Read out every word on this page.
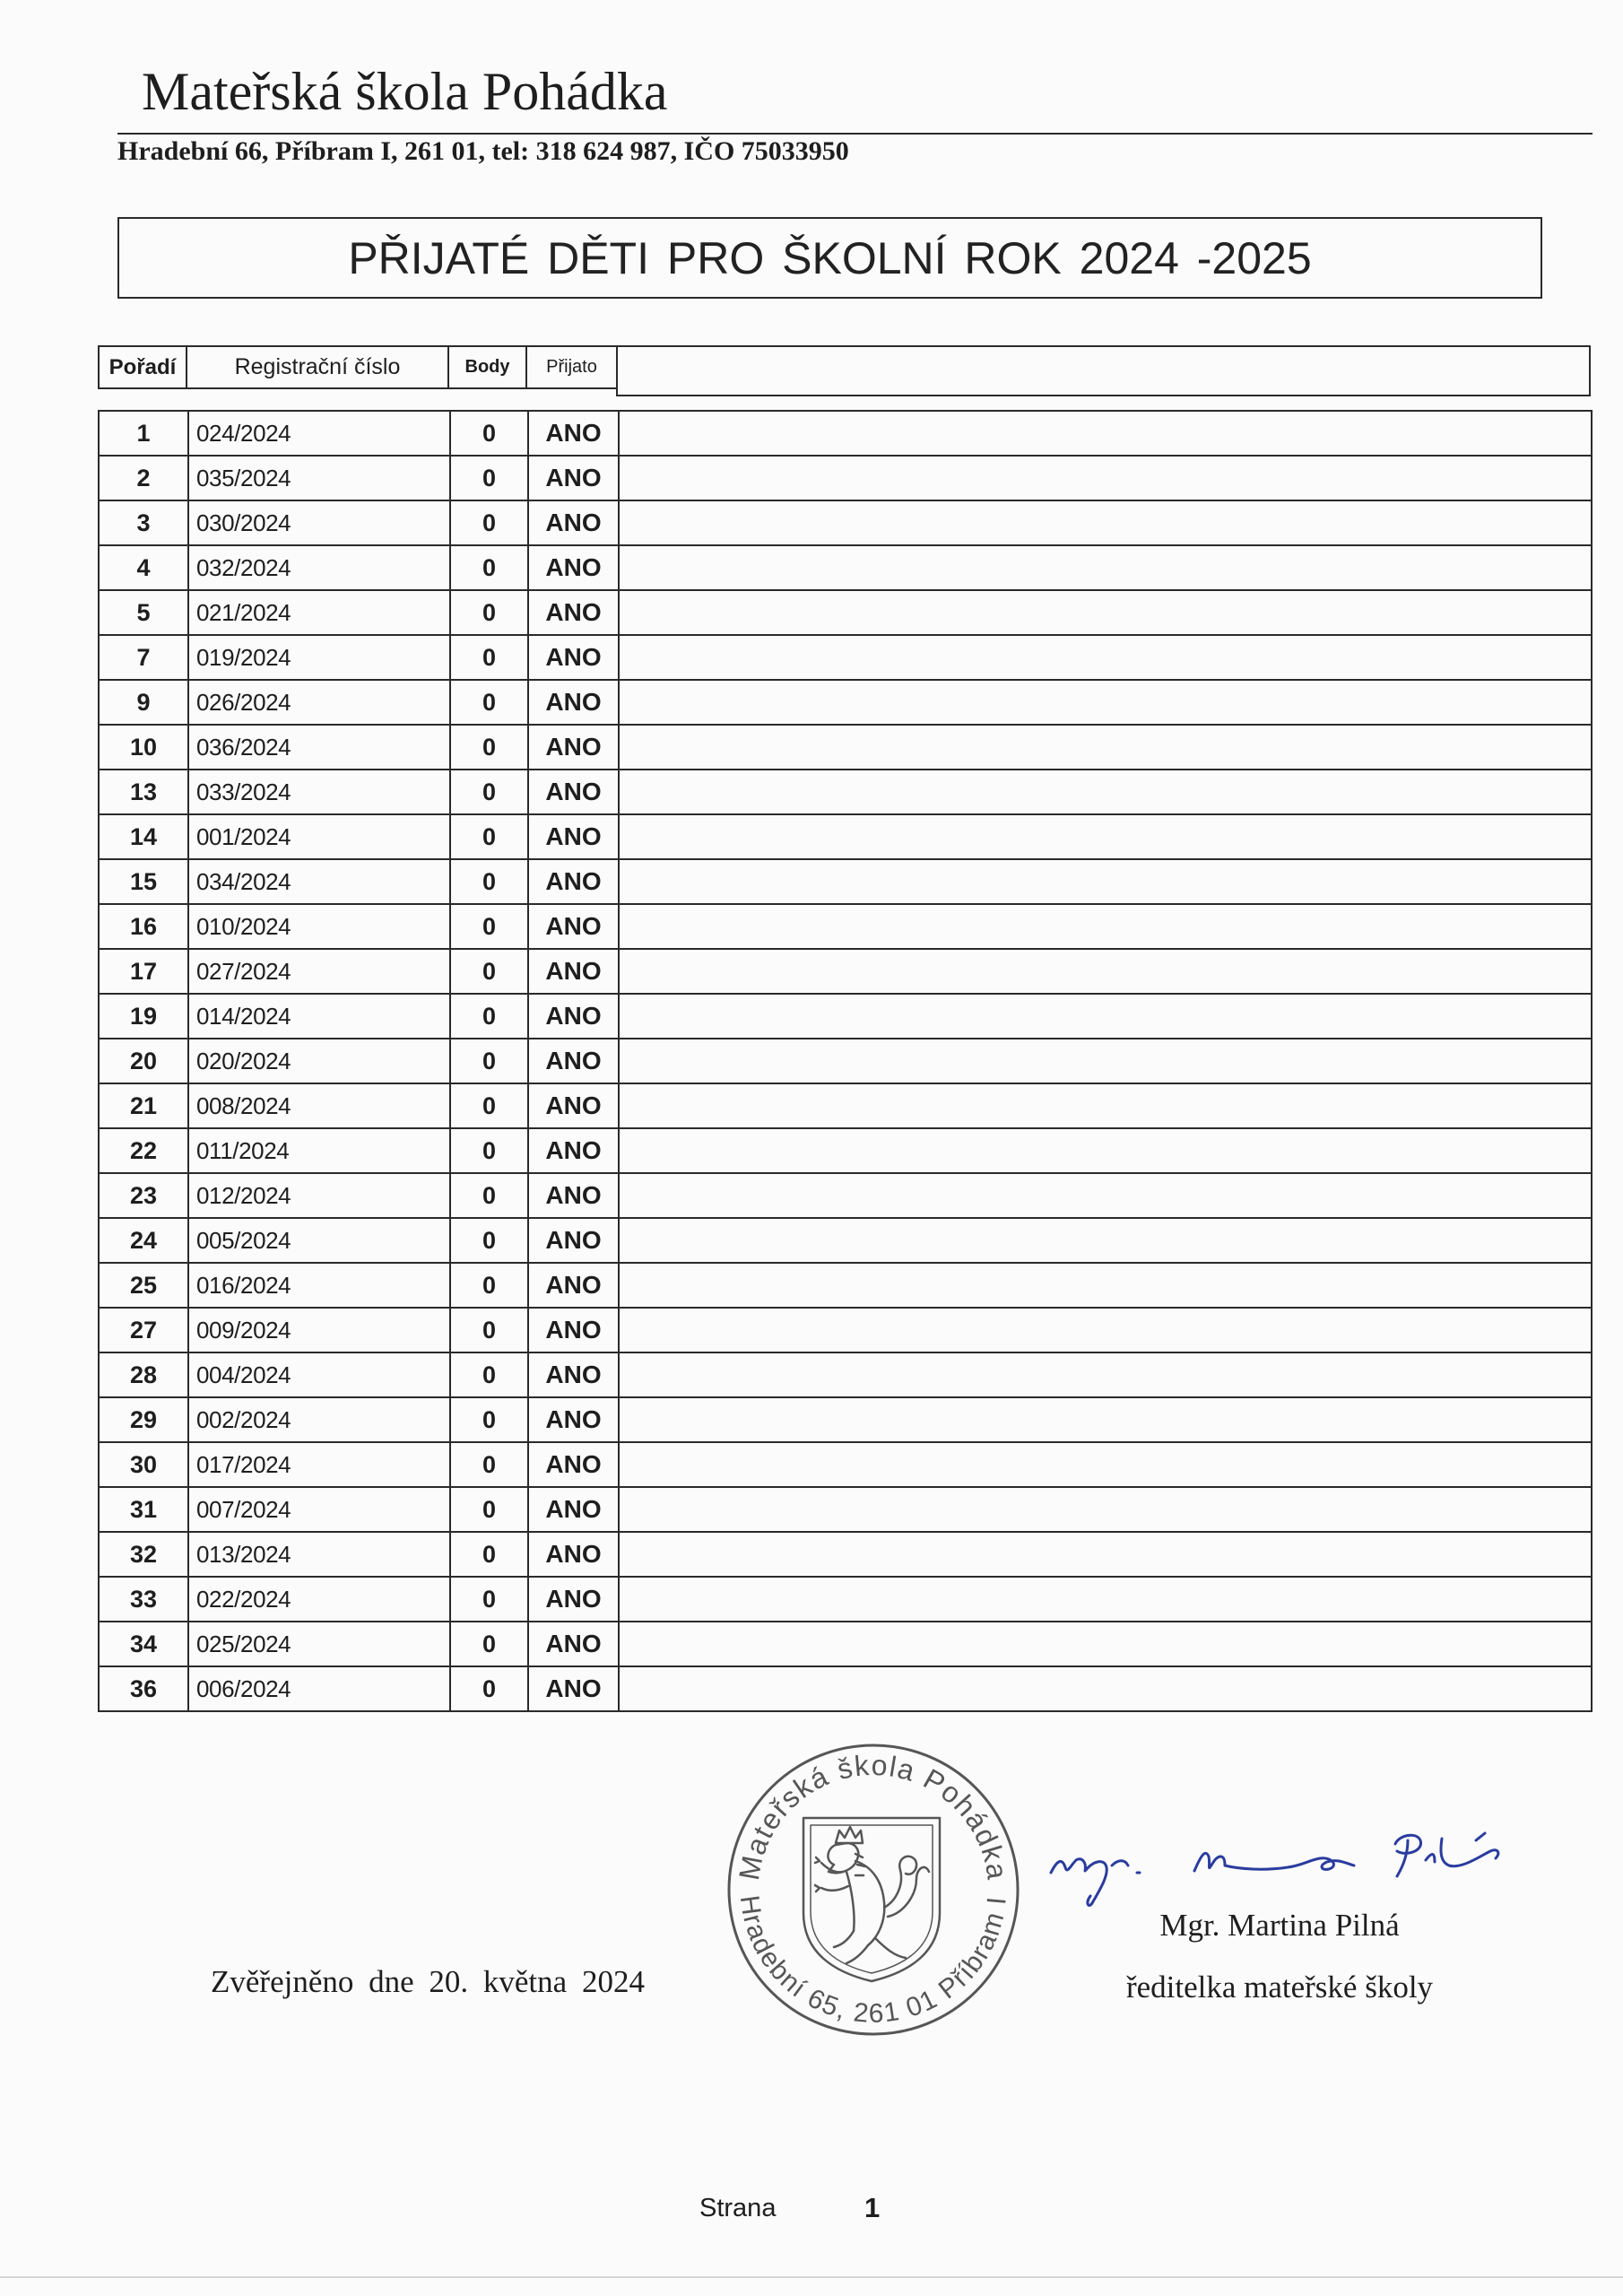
Mateřská škola Pohádka
Hradební 66, Příbram I, 261 01, tel: 318 624 987, IČO 75033950
PŘIJATÉ DĚTI PRO ŠKOLNÍ ROK 2024 -2025
Pořadí	Registrační číslo	Body	Přijato
1	024/2024	0	ANO	
2	035/2024	0	ANO	
3	030/2024	0	ANO	
4	032/2024	0	ANO	
5	021/2024	0	ANO	
7	019/2024	0	ANO	
9	026/2024	0	ANO	
10	036/2024	0	ANO	
13	033/2024	0	ANO	
14	001/2024	0	ANO	
15	034/2024	0	ANO	
16	010/2024	0	ANO	
17	027/2024	0	ANO	
19	014/2024	0	ANO	
20	020/2024	0	ANO	
21	008/2024	0	ANO	
22	011/2024	0	ANO	
23	012/2024	0	ANO	
24	005/2024	0	ANO	
25	016/2024	0	ANO	
27	009/2024	0	ANO	
28	004/2024	0	ANO	
29	002/2024	0	ANO	
30	017/2024	0	ANO	
31	007/2024	0	ANO	
32	013/2024	0	ANO	
33	022/2024	0	ANO	
34	025/2024	0	ANO	
36	006/2024	0	ANO	
Zvěřejněno dne 20. května 2024
Mateřská škola Pohádka
Hradební 65, 261 01 Příbram I
Mgr. Martina Pilná
ředitelka mateřské školy
Strana	1
